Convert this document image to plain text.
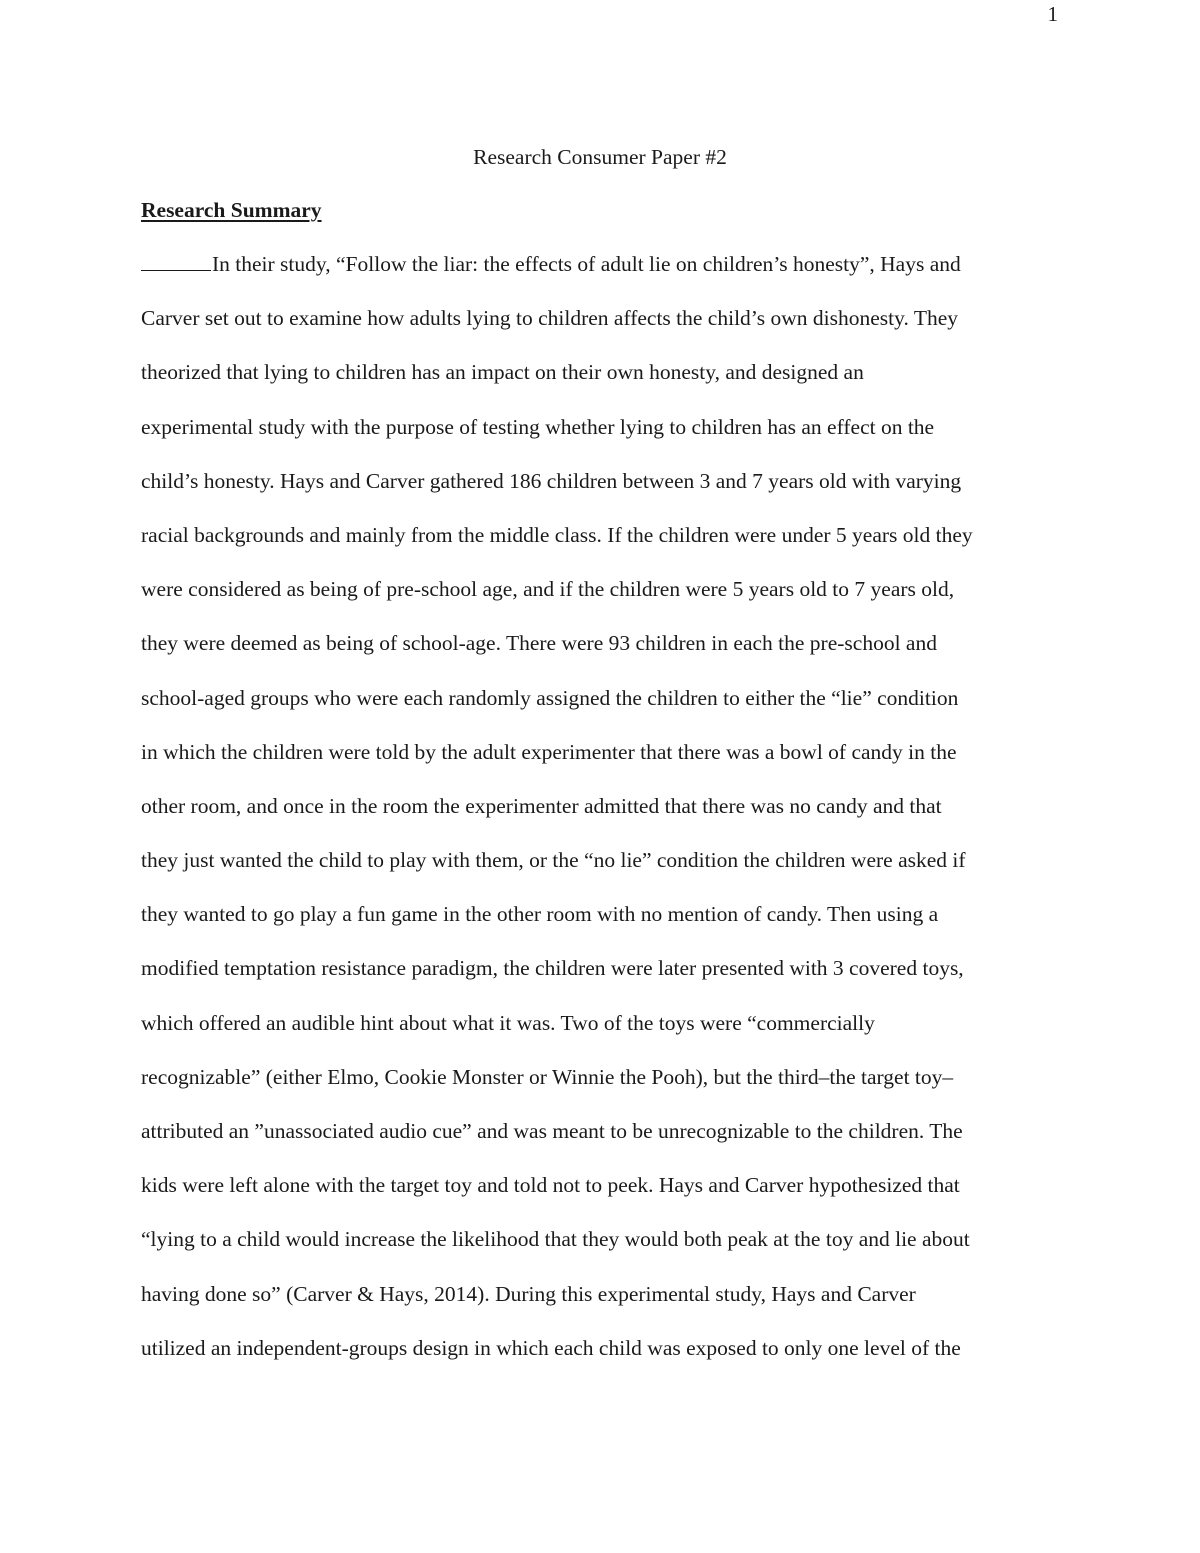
1
Research Consumer Paper #2
Research Summary
In their study, “Follow the liar: the effects of adult lie on children’s honesty”, Hays and
Carver set out to examine how adults lying to children affects the child’s own dishonesty. They
theorized that lying to children has an impact on their own honesty, and designed an
experimental study with the purpose of testing whether lying to children has an effect on the
child’s honesty. Hays and Carver gathered 186 children between 3 and 7 years old with varying
racial backgrounds and mainly from the middle class. If the children were under 5 years old they
were considered as being of pre-school age, and if the children were 5 years old to 7 years old,
they were deemed as being of school-age. There were 93 children in each the pre-school and
school-aged groups who were each randomly assigned the children to either the “lie” condition
in which the children were told by the adult experimenter that there was a bowl of candy in the
other room, and once in the room the experimenter admitted that there was no candy and that
they just wanted the child to play with them, or the “no lie” condition the children were asked if
they wanted to go play a fun game in the other room with no mention of candy. Then using a
modified temptation resistance paradigm, the children were later presented with 3 covered toys,
which offered an audible hint about what it was. Two of the toys were “commercially
recognizable” (either Elmo, Cookie Monster or Winnie the Pooh), but the third–the target toy–
attributed an ”unassociated audio cue” and was meant to be unrecognizable to the children. The
kids were left alone with the target toy and told not to peek. Hays and Carver hypothesized that
“lying to a child would increase the likelihood that they would both peak at the toy and lie about
having done so” (Carver & Hays, 2014). During this experimental study, Hays and Carver
utilized an independent-groups design in which each child was exposed to only one level of the
